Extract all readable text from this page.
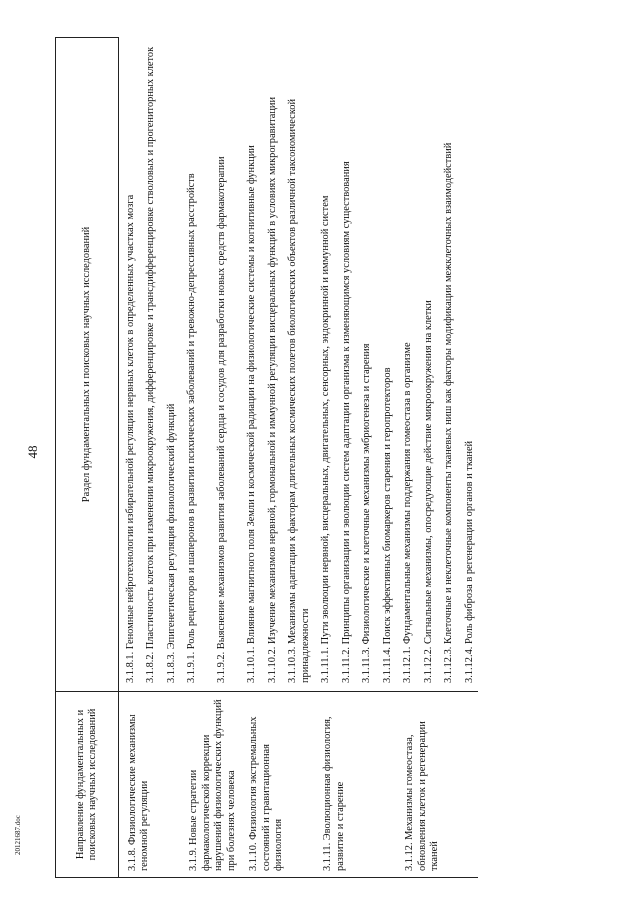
48
Направление фундаментальных и поисковых научных исследований	Раздел фундаментальных и поисковых научных исследований
3.1.8. Физиологические механизмы геномной регуляции	3.1.8.1. Геномные нейротехнологии избирательной регуляции нервных клеток в определенных участках мозга
	3.1.8.2. Пластичность клеток при изменении микроокружения, дифференцировке и трансдифференцировке стволовых и прогениторных клеток
	3.1.8.3. Эпигенетическая регуляция физиологический функций
3.1.9. Новые стратегии фармакологической коррекции нарушений физиологических функций при болезнях человека	3.1.9.1. Роль рецепторов и шаперонов в развитии психических заболеваний и тревожно-депрессивных расстройств
	3.1.9.2. Выяснение механизмов развития заболеваний сердца и сосудов для разработки новых средств фармакотерапии
3.1.10. Физиология экстремальных состояний и гравитационная физиология	3.1.10.1. Влияние магнитного поля Земли и космической радиации на физиологические системы и когнитивные функции
	3.1.10.2. Изучение механизмов нервной, гормональной и иммунной регуляции висцеральных функций в условиях микрогравитации
	3.1.10.3. Механизмы адаптации к факторам длительных космических полетов биологических объектов различной таксономической принадлежности
3.1.11. Эволюционная физиология, развитие и старение	3.1.11.1. Пути эволюции нервной, висцеральных, двигательных, сенсорных, эндокринной и иммунной систем
	3.1.11.2. Принципы организации и эволюции систем адаптации организма к изменяющимся условиям существования
	3.1.11.3. Физиологические и клеточные механизмы эмбриогенеза и старения
	3.1.11.4. Поиск эффективных биомаркеров старения и геропротекторов
3.1.12. Механизмы гомеостаза, обновления клеток и регенерации тканей	3.1.12.1. Фундаментальные механизмы поддержания гомеостаза в организме
	3.1.12.2. Сигнальные механизмы, опосредующие действие микроокружения на клетки
	3.1.12.3. Клеточные и неклеточные компоненты тканевых ниш как факторы модификации межклеточных взаимодействий
	3.1.12.4. Роль фиброза в регенерации органов и тканей
20121687.doc
